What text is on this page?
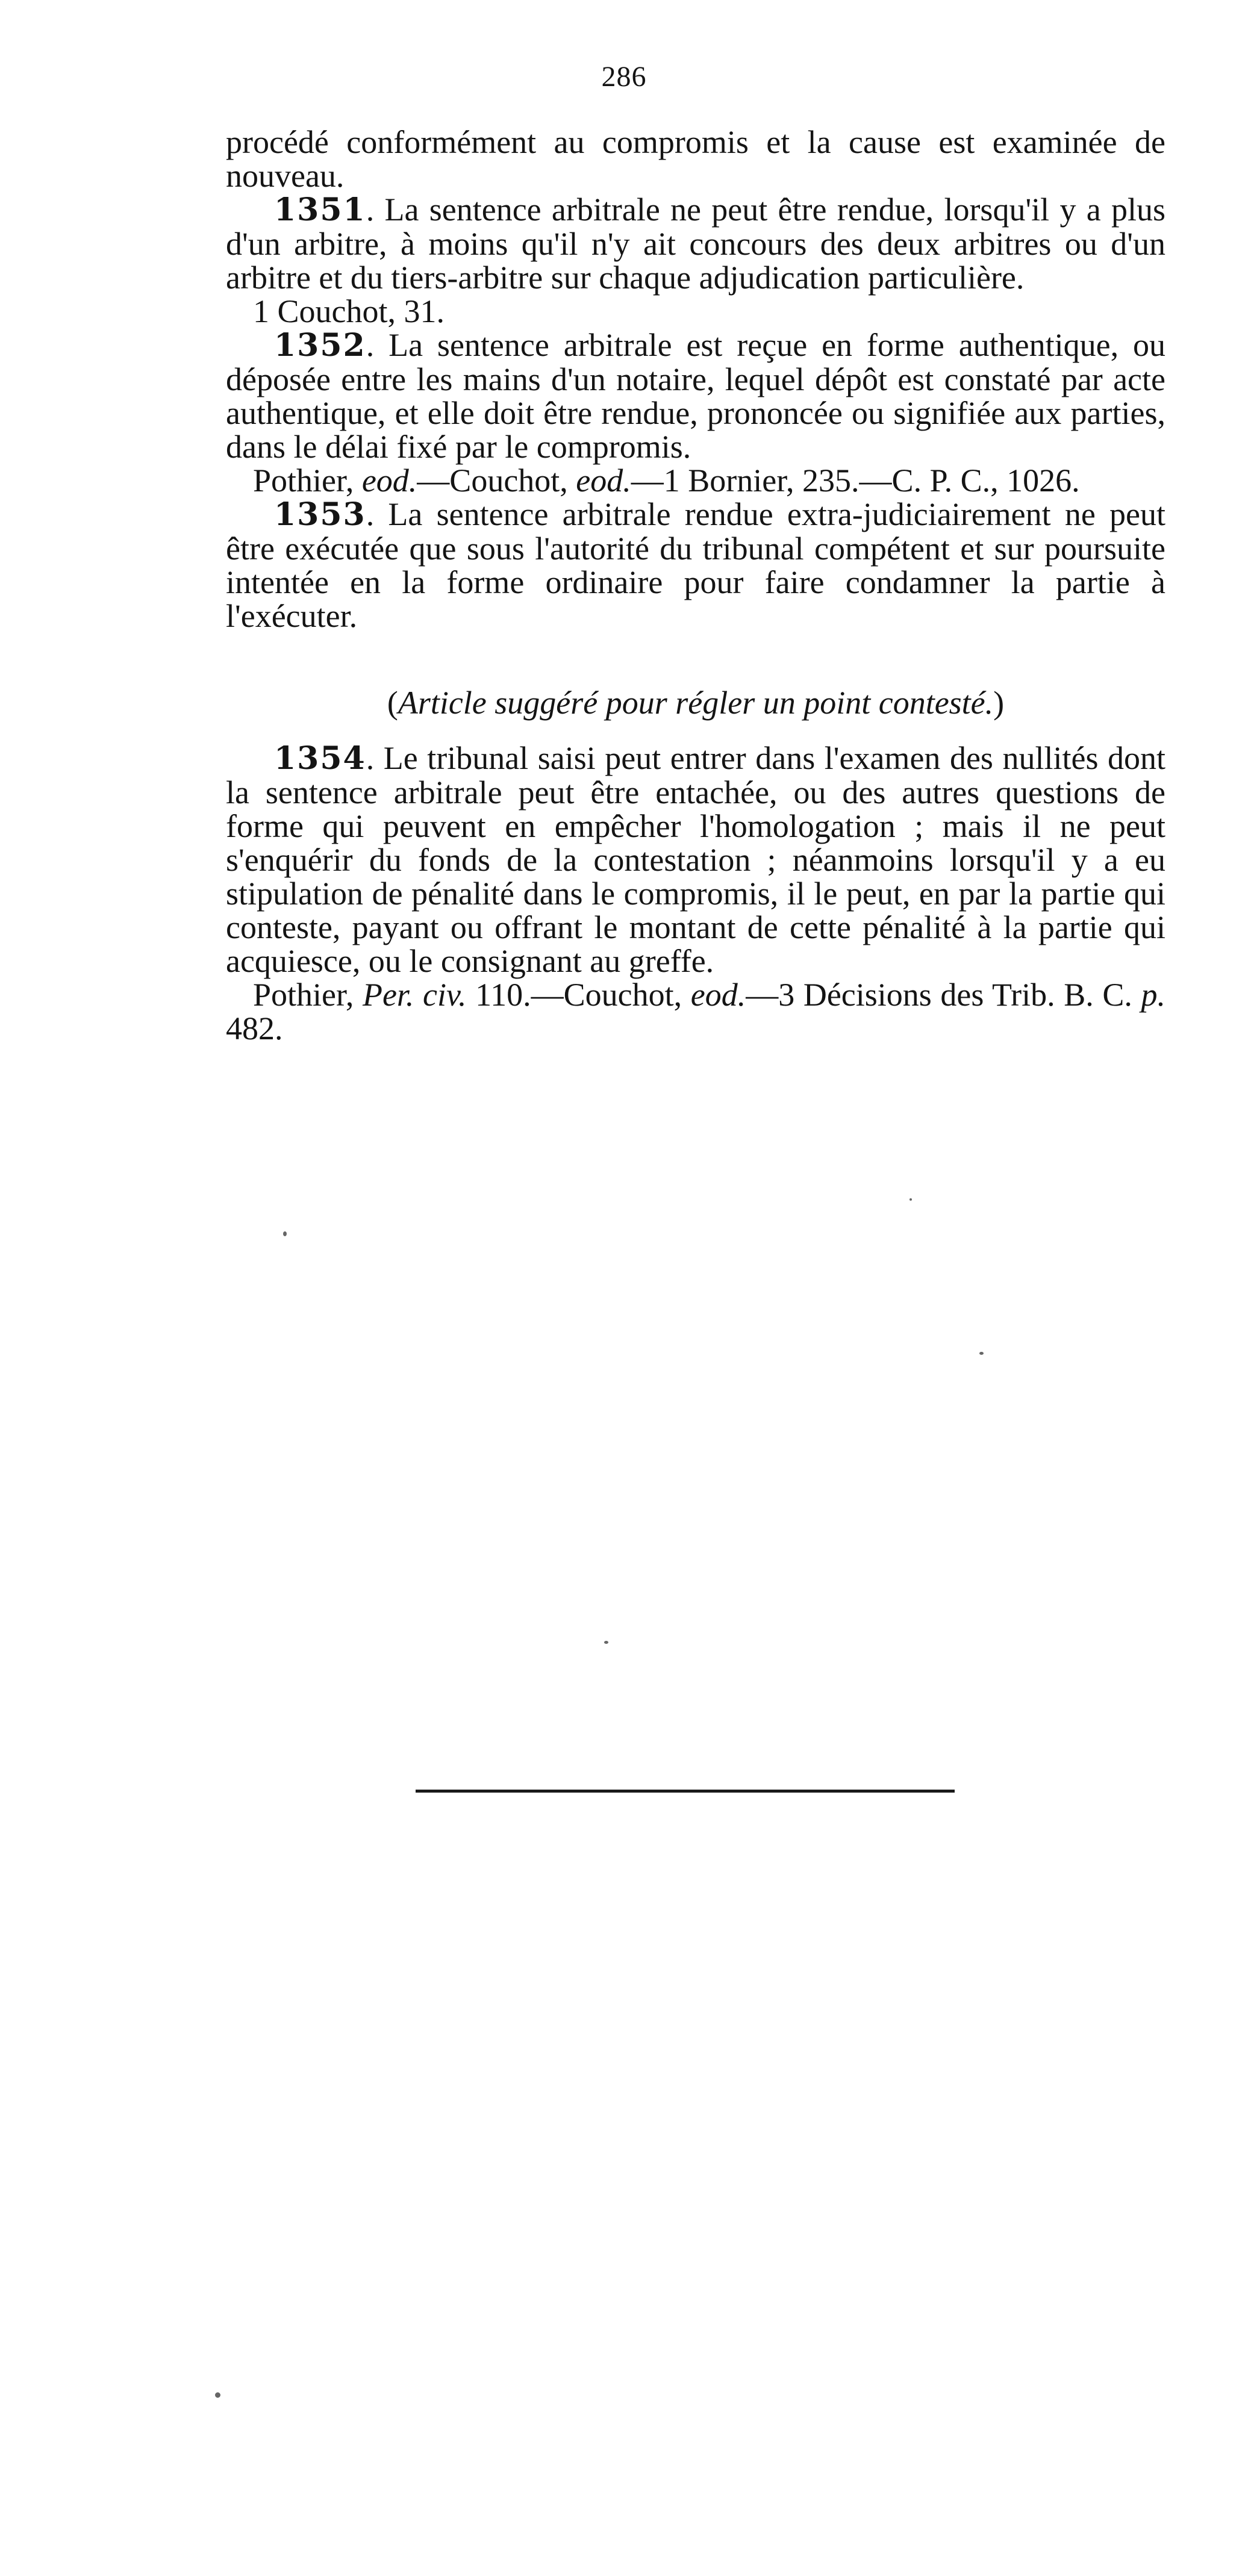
286

procédé conformément au compromis et la cause est examinée de nouveau.

1351. La sentence arbitrale ne peut être rendue, lorsqu'il y a plus d'un arbitre, à moins qu'il n'y ait concours des deux arbitres ou d'un arbitre et du tiers-arbitre sur chaque adjudication particulière.

1 Couchot, 31.

1352. La sentence arbitrale est reçue en forme authentique, ou déposée entre les mains d'un notaire, lequel dépôt est constaté par acte authentique, et elle doit être rendue, prononcée ou signifiée aux parties, dans le délai fixé par le compromis.

Pothier, eod.—Couchot, eod.—1 Bornier, 235.—C. P. C., 1026.

1353. La sentence arbitrale rendue extra-judiciairement ne peut être exécutée que sous l'autorité du tribunal compétent et sur poursuite intentée en la forme ordinaire pour faire condamner la partie à l'exécuter.

(Article suggéré pour régler un point contesté.)

1354. Le tribunal saisi peut entrer dans l'examen des nullités dont la sentence arbitrale peut être entachée, ou des autres questions de forme qui peuvent en empêcher l'homologation ; mais il ne peut s'enquérir du fonds de la contestation ; néanmoins lorsqu'il y a eu stipulation de pénalité dans le compromis, il le peut, en par la partie qui conteste, payant ou offrant le montant de cette pénalité à la partie qui acquiesce, ou le consignant au greffe.

Pothier, Per. civ. 110.—Couchot, eod.—3 Décisions des Trib. B. C. p. 482.
